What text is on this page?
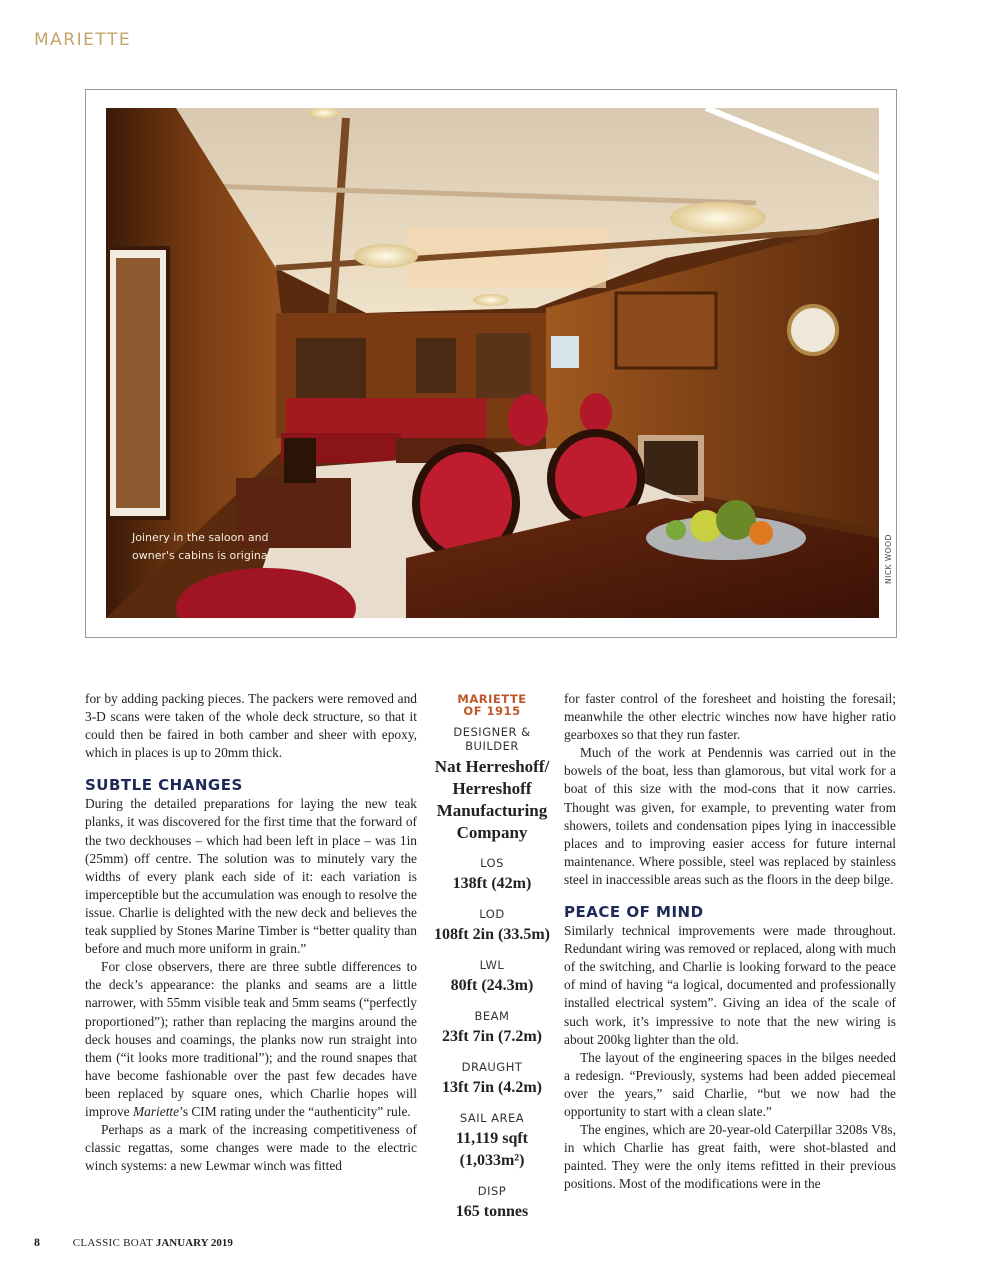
MARIETTE
Joinery in the saloon and owner's cabins is original	NICK WOOD

for by adding packing pieces. The packers were removed and 3-D scans were taken of the whole deck structure, so that it could then be faired in both camber and sheer with epoxy, which in places is up to 20mm thick.

SUBTLE CHANGES

During the detailed preparations for laying the new teak planks, it was discovered for the first time that the forward of the two deckhouses – which had been left in place – was 1in (25mm) off centre. The solution was to minutely vary the widths of every plank each side of it: each variation is imperceptible but the accumulation was enough to resolve the issue. Charlie is delighted with the new deck and believes the teak supplied by Stones Marine Timber is “better quality than before and much more uniform in grain.”

For close observers, there are three subtle differences to the deck’s appearance: the planks and seams are a little narrower, with 55mm visible teak and 5mm seams (“perfectly proportioned”); rather than replacing the margins around the deck houses and coamings, the planks now run straight into them (“it looks more traditional”); and the round snapes that have become fashionable over the past few decades have been replaced by square ones, which Charlie hopes will improve Mariette’s CIM rating under the “authenticity” rule.

Perhaps as a mark of the increasing competitiveness of classic regattas, some changes were made to the electric winch systems: a new Lewmar winch was fitted

MARIETTE
OF 1915
DESIGNER & BUILDER
Nat Herreshoff/ Herreshoff Manufacturing Company
LOS
138ft (42m)
LOD
108ft 2in (33.5m)
LWL
80ft (24.3m)
BEAM
23ft 7in (7.2m)
DRAUGHT
13ft 7in (4.2m)
SAIL AREA
11,119 sqft (1,033m²)
DISP
165 tonnes

for faster control of the foresheet and hoisting the foresail; meanwhile the other electric winches now have higher ratio gearboxes so that they run faster.

Much of the work at Pendennis was carried out in the bowels of the boat, less than glamorous, but vital work for a boat of this size with the mod-cons that it now carries. Thought was given, for example, to preventing water from showers, toilets and condensation pipes lying in inaccessible places and to improving easier access for future internal maintenance. Where possible, steel was replaced by stainless steel in inaccessible areas such as the floors in the deep bilge.

PEACE OF MIND

Similarly technical improvements were made throughout. Redundant wiring was removed or replaced, along with much of the switching, and Charlie is looking forward to the peace of mind of having “a logical, documented and professionally installed electrical system”. Giving an idea of the scale of such work, it’s impressive to note that the new wiring is about 200kg lighter than the old.

The layout of the engineering spaces in the bilges needed a redesign. “Previously, systems had been added piecemeal over the years,” said Charlie, “but we now had the opportunity to start with a clean slate.”

The engines, which are 20-year-old Caterpillar 3208s V8s, in which Charlie has great faith, were shot-blasted and painted. They were the only items refitted in their previous positions. Most of the modifications were in the

8	CLASSIC BOAT JANUARY 2019
